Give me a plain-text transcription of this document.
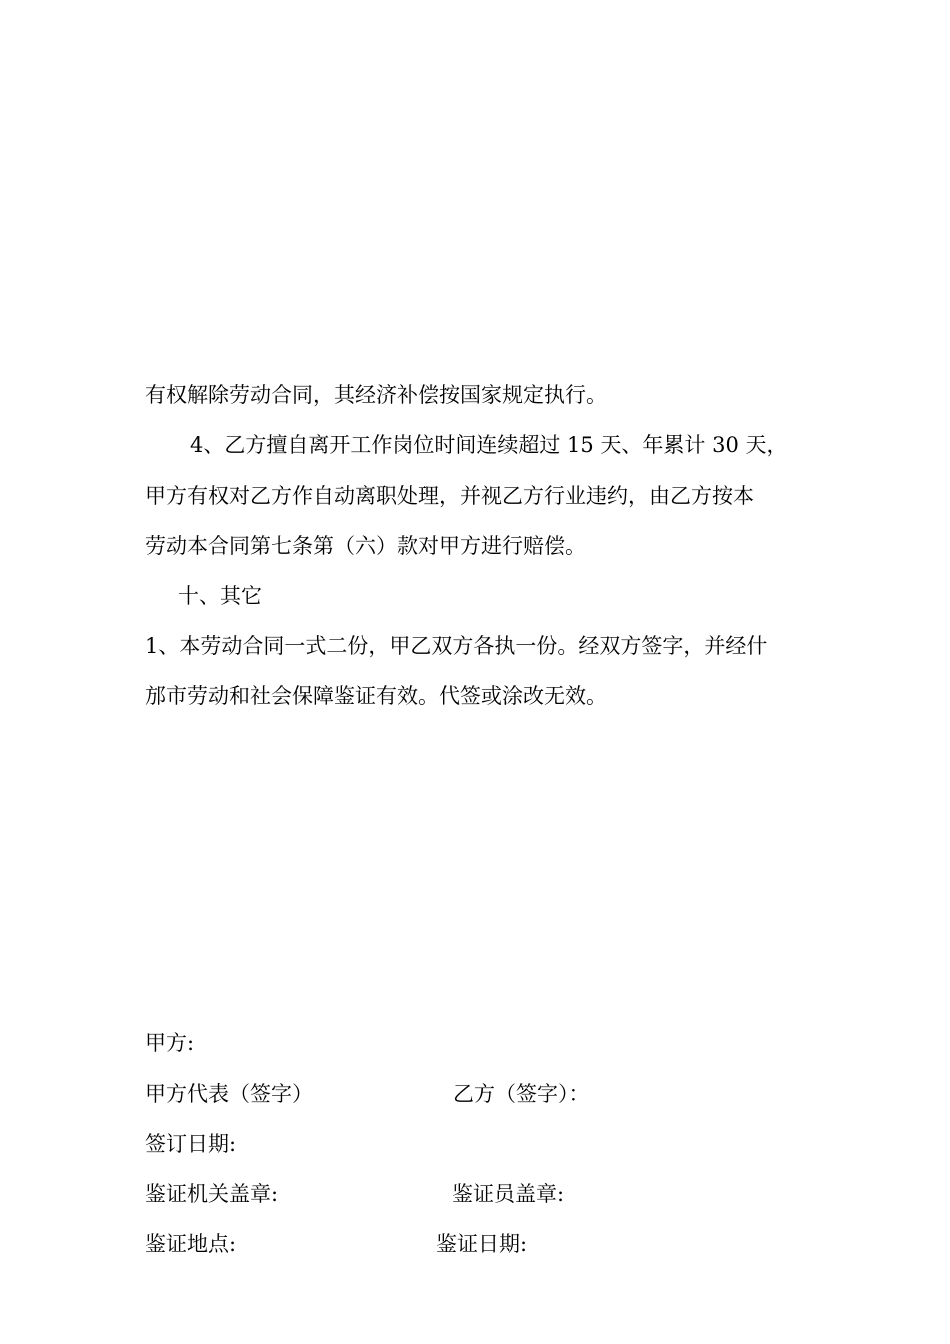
有权解除劳动合同，其经济补偿按国家规定执行。
4、乙方擅自离开工作岗位时间连续超过 15 天、年累计 30 天，
甲方有权对乙方作自动离职处理，并视乙方行业违约，由乙方按本
劳动本合同第七条第（六）款对甲方进行赔偿。
十、其它
1、本劳动合同一式二份，甲乙双方各执一份。经双方签字，并经什
邡市劳动和社会保障鉴证有效。代签或涂改无效。
甲方:
甲方代表（签字）	乙方（签字）：
签订日期:
鉴证机关盖章:	鉴证员盖章:
鉴证地点:	鉴证日期:
